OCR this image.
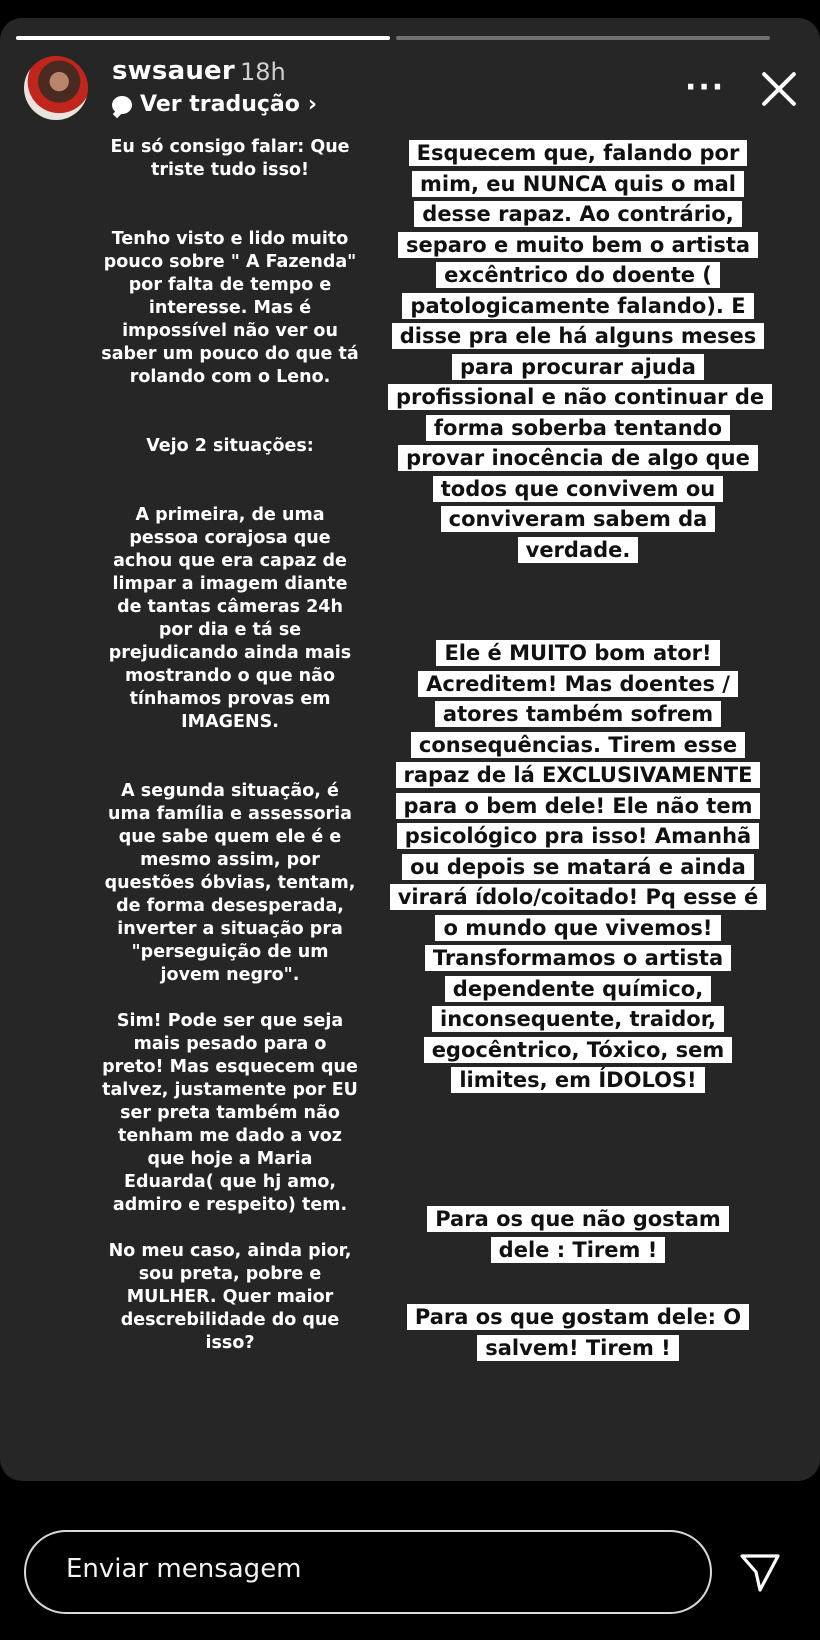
swsauer 18h
Ver tradução ›	···

Eu só consigo falar: Que triste tudo isso!

Tenho visto e lido muito pouco sobre " A Fazenda" por falta de tempo e interesse. Mas é impossível não ver ou saber um pouco do que tá rolando com o Leno.

Vejo 2 situações:

A primeira, de uma pessoa corajosa que achou que era capaz de limpar a imagem diante de tantas câmeras 24h por dia e tá se prejudicando ainda mais mostrando o que não tínhamos provas em IMAGENS.

A segunda situação, é uma família e assessoria que sabe quem ele é e mesmo assim, por questões óbvias, tentam, de forma desesperada, inverter a situação pra "perseguição de um jovem negro".

Sim! Pode ser que seja mais pesado para o preto! Mas esquecem que talvez, justamente por EU ser preta também não tenham me dado a voz que hoje a Maria Eduarda( que hj amo, admiro e respeito) tem.

No meu caso, ainda pior, sou preta, pobre e MULHER. Quer maior descrebilidade do que isso?

Esquecem que, falando por mim, eu NUNCA quis o mal desse rapaz. Ao contrário, separo e muito bem o artista excêntrico do doente ( patologicamente falando). E disse pra ele há alguns meses para procurar ajuda profissional e não continuar de forma soberba tentando provar inocência de algo que todos que convivem ou conviveram sabem da verdade.
Ele é MUITO bom ator! Acreditem! Mas doentes / atores também sofrem consequências. Tirem esse rapaz de lá EXCLUSIVAMENTE para o bem dele! Ele não tem psicológico pra isso! Amanhã ou depois se matará e ainda virará ídolo/coitado! Pq esse é o mundo que vivemos! Transformamos o artista dependente químico, inconsequente, traidor, egocêntrico, Tóxico, sem limites, em ÍDOLOS!
Para os que não gostam dele : Tirem !
Para os que gostam dele: O salvem! Tirem !
Enviar mensagem
